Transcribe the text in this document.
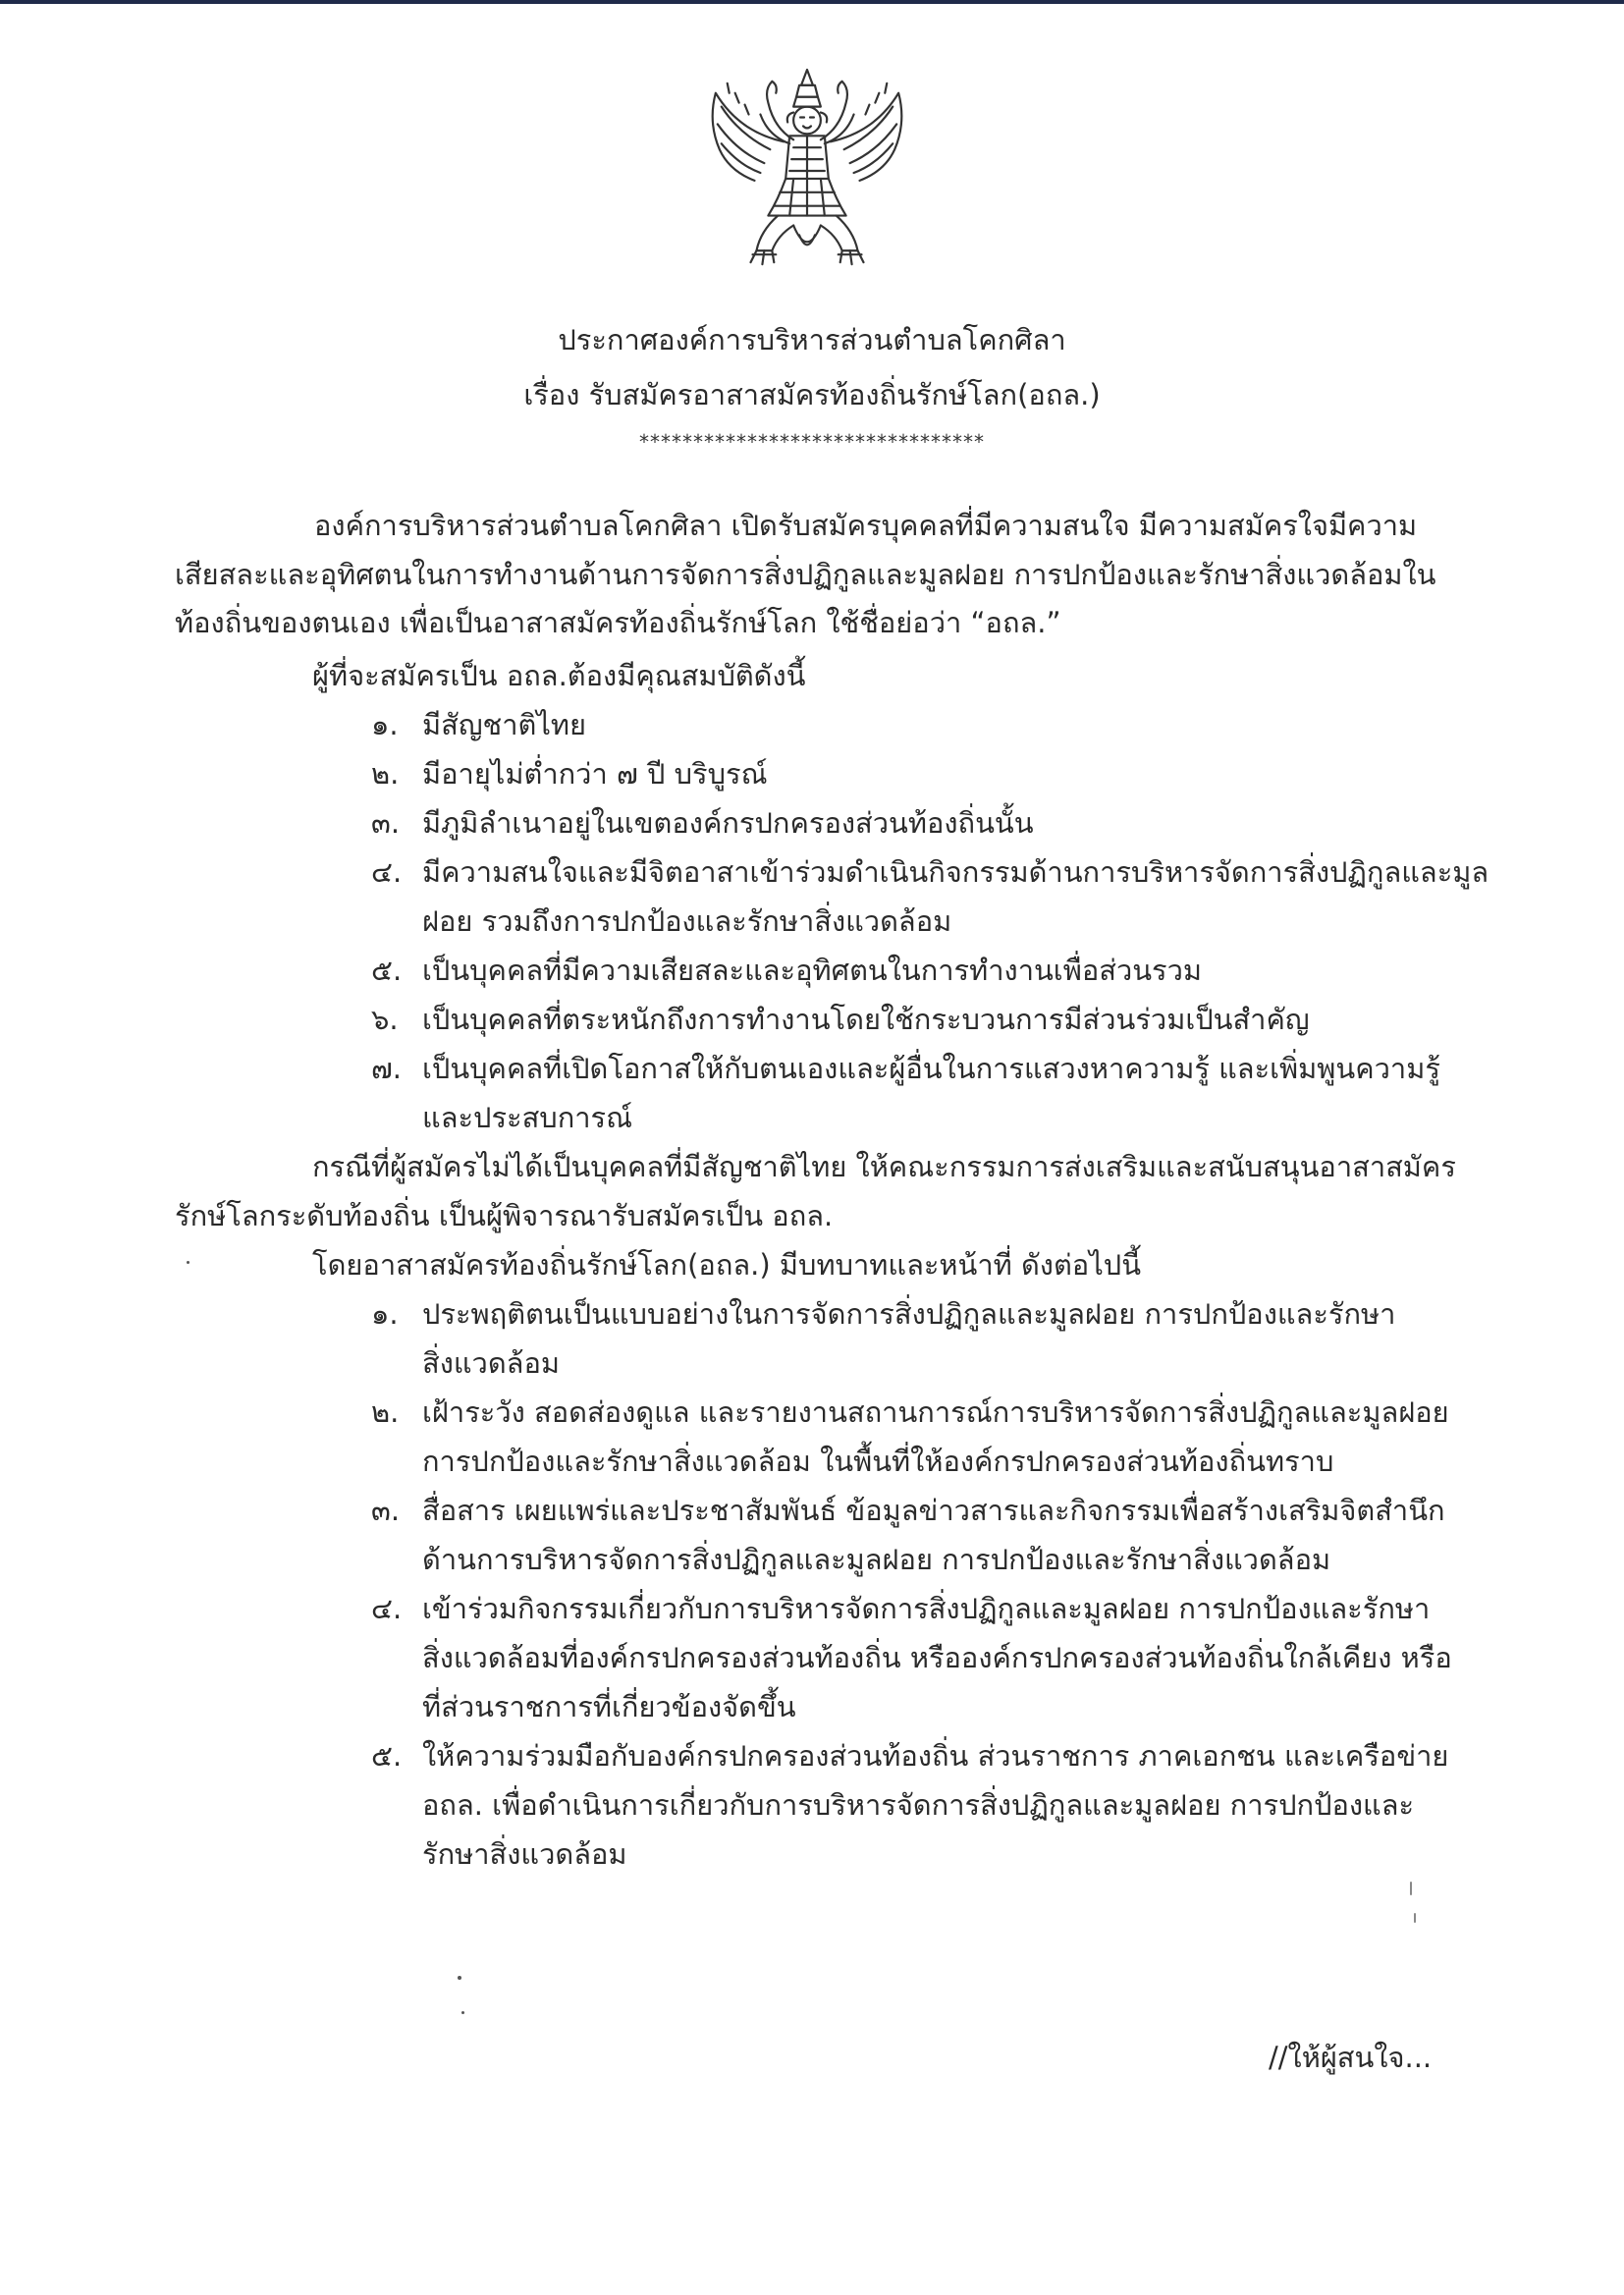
ประกาศองค์การบริหารส่วนตำบลโคกศิลา
เรื่อง รับสมัครอาสาสมัครท้องถิ่นรักษ์โลก(อถล.)
********************************
องค์การบริหารส่วนตำบลโคกศิลา เปิดรับสมัครบุคคลที่มีความสนใจ มีความสมัครใจมีความ
เสียสละและอุทิศตนในการทำงานด้านการจัดการสิ่งปฏิกูลและมูลฝอย การปกป้องและรักษาสิ่งแวดล้อมใน
ท้องถิ่นของตนเอง เพื่อเป็นอาสาสมัครท้องถิ่นรักษ์โลก ใช้ชื่อย่อว่า “อถล.”
ผู้ที่จะสมัครเป็น อถล.ต้องมีคุณสมบัติดังนี้
๑. มีสัญชาติไทย
๒. มีอายุไม่ต่ำกว่า ๗ ปี บริบูรณ์
๓. มีภูมิลำเนาอยู่ในเขตองค์กรปกครองส่วนท้องถิ่นนั้น
๔. มีความสนใจและมีจิตอาสาเข้าร่วมดำเนินกิจกรรมด้านการบริหารจัดการสิ่งปฏิกูลและมูล
ฝอย รวมถึงการปกป้องและรักษาสิ่งแวดล้อม
๕. เป็นบุคคลที่มีความเสียสละและอุทิศตนในการทำงานเพื่อส่วนรวม
๖. เป็นบุคคลที่ตระหนักถึงการทำงานโดยใช้กระบวนการมีส่วนร่วมเป็นสำคัญ
๗. เป็นบุคคลที่เปิดโอกาสให้กับตนเองและผู้อื่นในการแสวงหาความรู้ และเพิ่มพูนความรู้
และประสบการณ์
กรณีที่ผู้สมัครไม่ได้เป็นบุคคลที่มีสัญชาติไทย ให้คณะกรรมการส่งเสริมและสนับสนุนอาสาสมัคร
รักษ์โลกระดับท้องถิ่น เป็นผู้พิจารณารับสมัครเป็น อถล.
โดยอาสาสมัครท้องถิ่นรักษ์โลก(อถล.) มีบทบาทและหน้าที่ ดังต่อไปนี้
๑. ประพฤติตนเป็นแบบอย่างในการจัดการสิ่งปฏิกูลและมูลฝอย การปกป้องและรักษา
สิ่งแวดล้อม
๒. เฝ้าระวัง สอดส่องดูแล และรายงานสถานการณ์การบริหารจัดการสิ่งปฏิกูลและมูลฝอย
การปกป้องและรักษาสิ่งแวดล้อม ในพื้นที่ให้องค์กรปกครองส่วนท้องถิ่นทราบ
๓. สื่อสาร เผยแพร่และประชาสัมพันธ์ ข้อมูลข่าวสารและกิจกรรมเพื่อสร้างเสริมจิตสำนึก
ด้านการบริหารจัดการสิ่งปฏิกูลและมูลฝอย การปกป้องและรักษาสิ่งแวดล้อม
๔. เข้าร่วมกิจกรรมเกี่ยวกับการบริหารจัดการสิ่งปฏิกูลและมูลฝอย การปกป้องและรักษา
สิ่งแวดล้อมที่องค์กรปกครองส่วนท้องถิ่น หรือองค์กรปกครองส่วนท้องถิ่นใกล้เคียง หรือ
ที่ส่วนราชการที่เกี่ยวข้องจัดขึ้น
๕. ให้ความร่วมมือกับองค์กรปกครองส่วนท้องถิ่น ส่วนราชการ ภาคเอกชน และเครือข่าย
อถล. เพื่อดำเนินการเกี่ยวกับการบริหารจัดการสิ่งปฏิกูลและมูลฝอย การปกป้องและ
รักษาสิ่งแวดล้อม
//ให้ผู้สนใจ...
